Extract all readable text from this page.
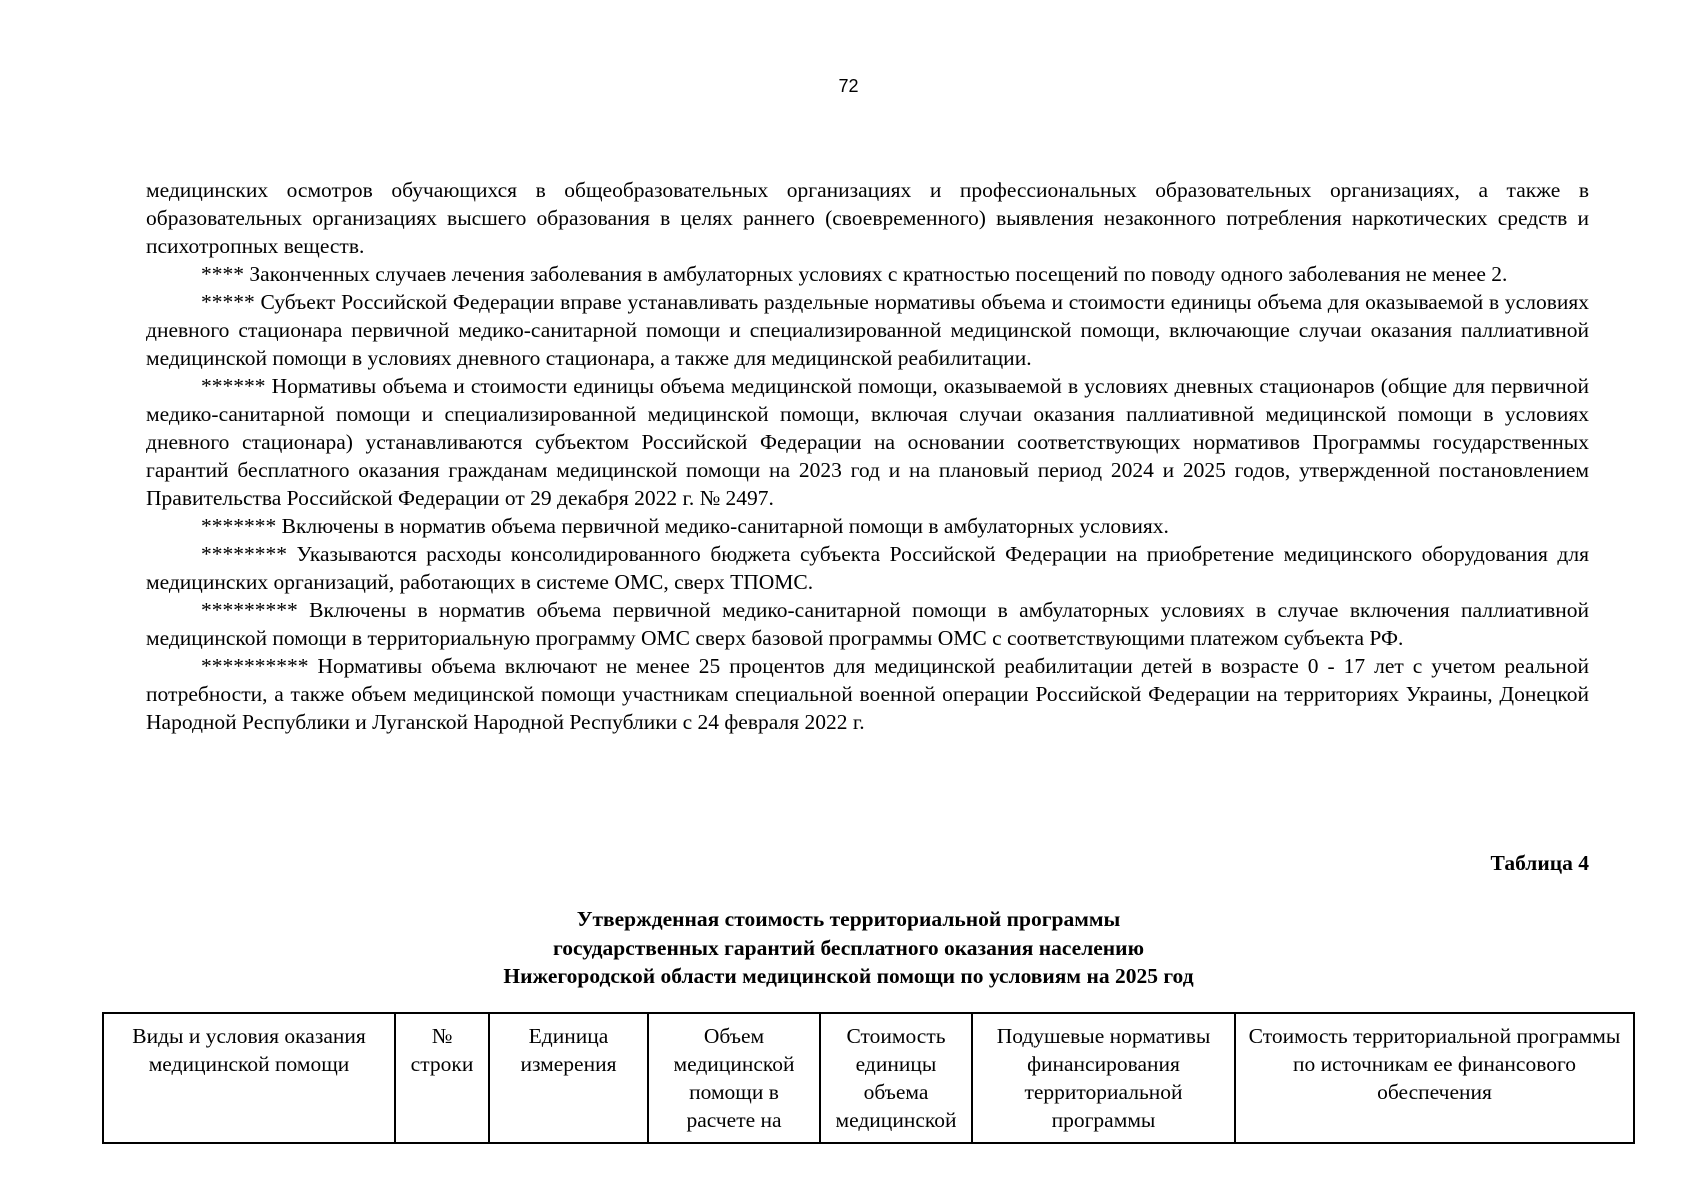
72

медицинских осмотров обучающихся в общеобразовательных организациях и профессиональных образовательных организациях, а также в образовательных организациях высшего образования в целях раннего (своевременного) выявления незаконного потребления наркотических средств и психотропных веществ.

**** Законченных случаев лечения заболевания в амбулаторных условиях с кратностью посещений по поводу одного заболевания не менее 2.

***** Субъект Российской Федерации вправе устанавливать раздельные нормативы объема и стоимости единицы объема для оказываемой в условиях дневного стационара первичной медико-санитарной помощи и специализированной медицинской помощи, включающие случаи оказания паллиативной медицинской помощи в условиях дневного стационара, а также для медицинской реабилитации.

****** Нормативы объема и стоимости единицы объема медицинской помощи, оказываемой в условиях дневных стационаров (общие для первичной медико-санитарной помощи и специализированной медицинской помощи, включая случаи оказания паллиативной медицинской помощи в условиях дневного стационара) устанавливаются субъектом Российской Федерации на основании соответствующих нормативов Программы государственных гарантий бесплатного оказания гражданам медицинской помощи на 2023 год и на плановый период 2024 и 2025 годов, утвержденной постановлением Правительства Российской Федерации от 29 декабря 2022 г. № 2497.

******* Включены в норматив объема первичной медико-санитарной помощи в амбулаторных условиях.

******** Указываются расходы консолидированного бюджета субъекта Российской Федерации на приобретение медицинского оборудования для медицинских организаций, работающих в системе ОМС, сверх ТПОМС.

********* Включены в норматив объема первичной медико-санитарной помощи в амбулаторных условиях в случае включения паллиативной медицинской помощи в территориальную программу ОМС сверх базовой программы ОМС с соответствующими платежом субъекта РФ.

********** Нормативы объема включают не менее 25 процентов для медицинской реабилитации детей в возрасте 0 - 17 лет с учетом реальной потребности, а также объем медицинской помощи участникам специальной военной операции Российской Федерации на территориях Украины, Донецкой Народной Республики и Луганской Народной Республики с 24 февраля 2022 г.

Таблица 4
Утвержденная стоимость территориальной программы
государственных гарантий бесплатного оказания населению
Нижегородской области медицинской помощи по условиям на 2025 год
Виды и условия оказания медицинской помощи	№ строки	Единица измерения	Объем медицинской помощи в расчете на	Стоимость единицы объема медицинской	Подушевые нормативы финансирования территориальной программы	Стоимость территориальной программы по источникам ее финансового обеспечения
